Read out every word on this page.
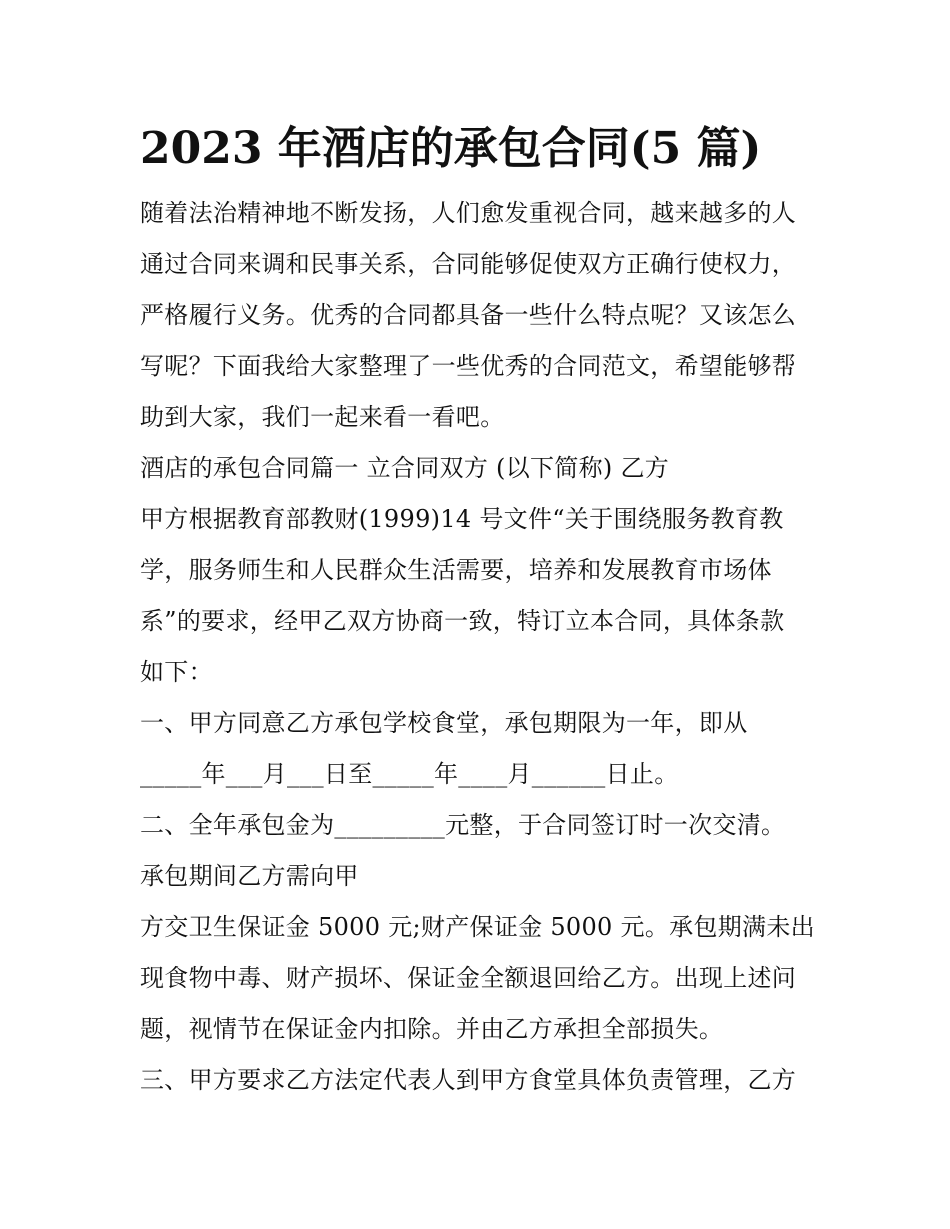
2023 年酒店的承包合同(5 篇)
随着法治精神地不断发扬，人们愈发重视合同，越来越多的人
通过合同来调和民事关系，合同能够促使双方正确行使权力，
严格履行义务。优秀的合同都具备一些什么特点呢？又该怎么
写呢？下面我给大家整理了一些优秀的合同范文，希望能够帮
助到大家，我们一起来看一看吧。
酒店的承包合同篇一 立合同双方 (以下简称) 乙方
甲方根据教育部教财(1999)14 号文件“关于围绕服务教育教
学，服务师生和人民群众生活需要，培养和发展教育市场体
系”的要求，经甲乙双方协商一致，特订立本合同，具体条款
如下：
一、甲方同意乙方承包学校食堂，承包期限为一年，即从
_____年___月___日至_____年____月______日止。
二、全年承包金为_________元整，于合同签订时一次交清。
承包期间乙方需向甲
方交卫生保证金 5000 元;财产保证金 5000 元。承包期满未出
现食物中毒、财产损坏、保证金全额退回给乙方。出现上述问
题，视情节在保证金内扣除。并由乙方承担全部损失。
三、甲方要求乙方法定代表人到甲方食堂具体负责管理，乙方
